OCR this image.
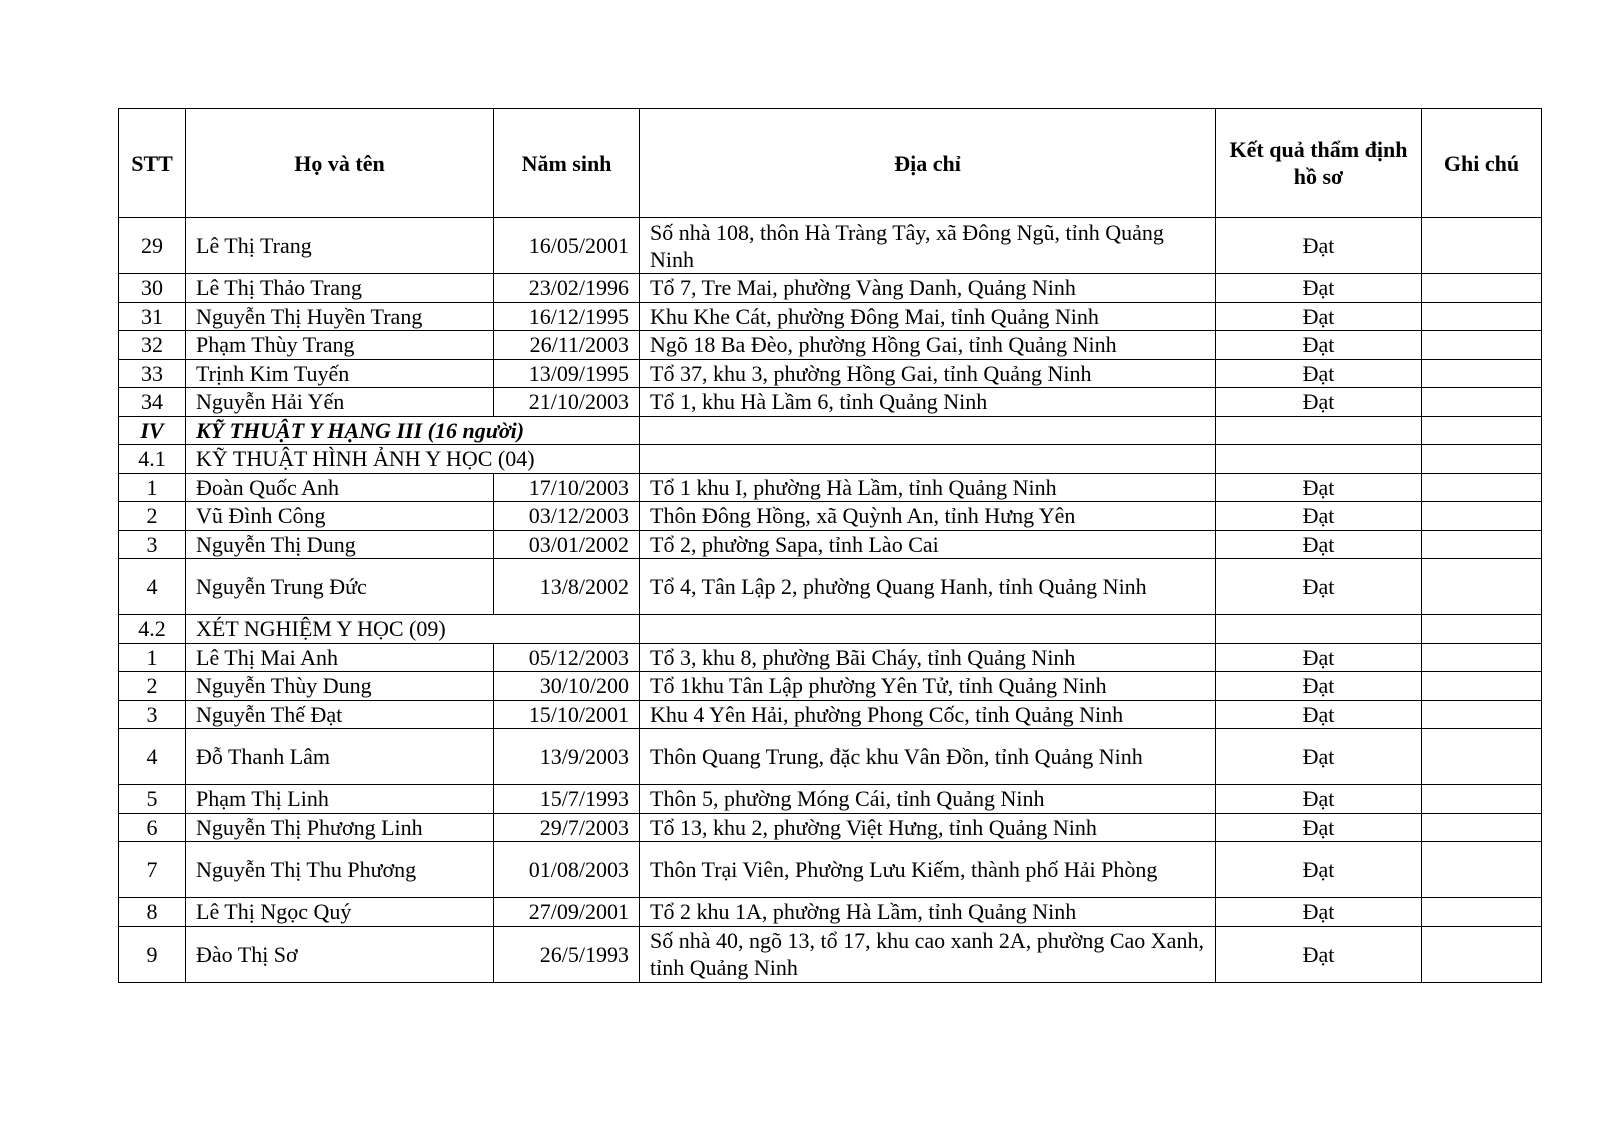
STT	Họ và tên	Năm sinh	Địa chỉ	Kết quả thẩm định hồ sơ	Ghi chú
29	Lê Thị Trang	16/05/2001	Số nhà 108, thôn Hà Tràng Tây, xã Đông Ngũ, tỉnh Quảng Ninh	Đạt	
30	Lê Thị Thảo Trang	23/02/1996	Tổ 7, Tre Mai, phường Vàng Danh, Quảng Ninh	Đạt	
31	Nguyễn Thị Huyền Trang	16/12/1995	Khu Khe Cát, phường Đông Mai, tỉnh Quảng Ninh	Đạt	
32	Phạm Thùy Trang	26/11/2003	Ngõ 18 Ba Đèo, phường Hồng Gai, tỉnh Quảng Ninh	Đạt	
33	Trịnh Kim Tuyến	13/09/1995	Tổ 37, khu 3, phường Hồng Gai, tỉnh Quảng Ninh	Đạt	
34	Nguyễn Hải Yến	21/10/2003	Tổ 1, khu Hà Lầm 6, tỉnh Quảng Ninh	Đạt	
IV	KỸ THUẬT Y HẠNG III (16 người)				
4.1	KỸ THUẬT HÌNH ẢNH Y HỌC (04)				
1	Đoàn Quốc Anh	17/10/2003	Tổ 1 khu I, phường Hà Lầm, tỉnh Quảng Ninh	Đạt	
2	Vũ Đình Công	03/12/2003	Thôn Đông Hồng, xã Quỳnh An, tỉnh Hưng Yên	Đạt	
3	Nguyễn Thị Dung	03/01/2002	Tổ 2, phường Sapa, tỉnh Lào Cai	Đạt	
4	Nguyễn Trung Đức	13/8/2002	Tổ 4, Tân Lập 2, phường Quang Hanh, tỉnh Quảng Ninh	Đạt	
4.2	XÉT NGHIỆM Y HỌC (09)				
1	Lê Thị Mai Anh	05/12/2003	Tổ 3, khu 8, phường Bãi Cháy, tỉnh Quảng Ninh	Đạt	
2	Nguyễn Thùy Dung	30/10/200	Tổ 1khu Tân Lập phường Yên Tử, tỉnh Quảng Ninh	Đạt	
3	Nguyễn Thế Đạt	15/10/2001	Khu 4 Yên Hải, phường Phong Cốc, tỉnh Quảng Ninh	Đạt	
4	Đỗ Thanh Lâm	13/9/2003	Thôn Quang Trung, đặc khu Vân Đồn, tỉnh Quảng Ninh	Đạt	
5	Phạm Thị Linh	15/7/1993	Thôn 5, phường Móng Cái, tỉnh Quảng Ninh	Đạt	
6	Nguyễn Thị Phương Linh	29/7/2003	Tổ 13, khu 2, phường Việt Hưng, tỉnh Quảng Ninh	Đạt	
7	Nguyễn Thị Thu Phương	01/08/2003	Thôn Trại Viên, Phường Lưu Kiếm, thành phố Hải Phòng	Đạt	
8	Lê Thị Ngọc Quý	27/09/2001	Tổ 2 khu 1A, phường Hà Lầm, tỉnh Quảng Ninh	Đạt	
9	Đào Thị Sơ	26/5/1993	Số nhà 40, ngõ 13, tổ 17, khu cao xanh 2A, phường Cao Xanh, tỉnh Quảng Ninh	Đạt	
